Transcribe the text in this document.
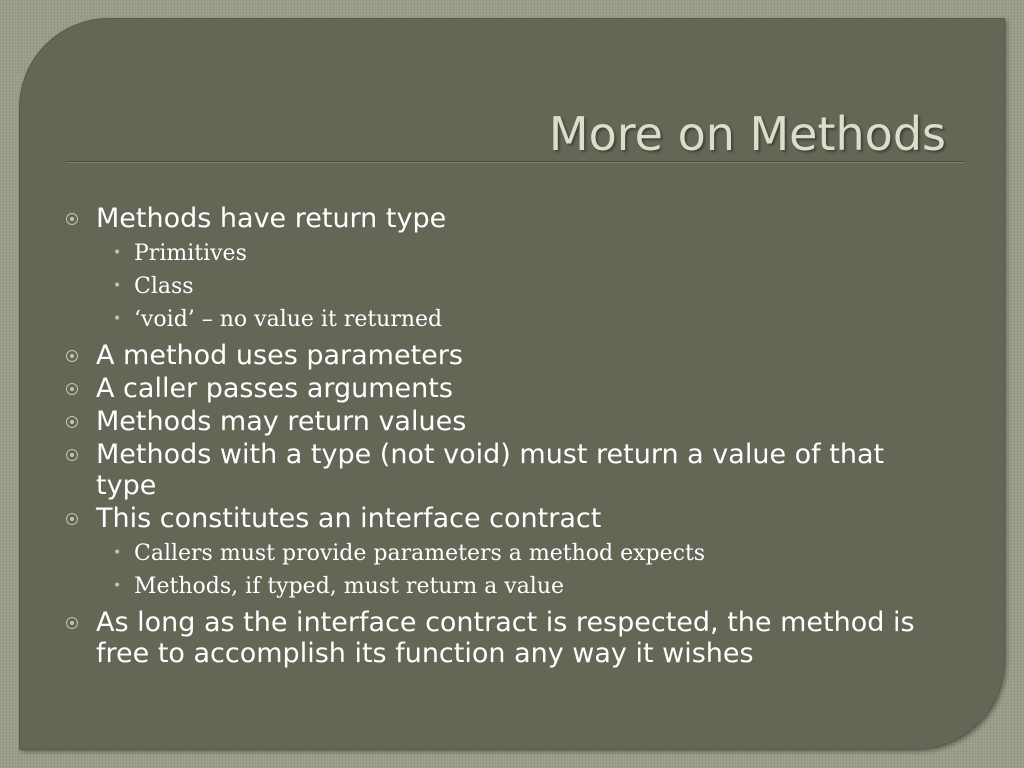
More on Methods
Methods have return type
• Primitives
• Class
• ‘void’ – no value it returned
A method uses parameters
A caller passes arguments
Methods may return values
Methods with a type (not void) must return a value of that type
This constitutes an interface contract
• Callers must provide parameters a method expects
• Methods, if typed, must return a value
As long as the interface contract is respected, the method is free to accomplish its function any way it wishes
